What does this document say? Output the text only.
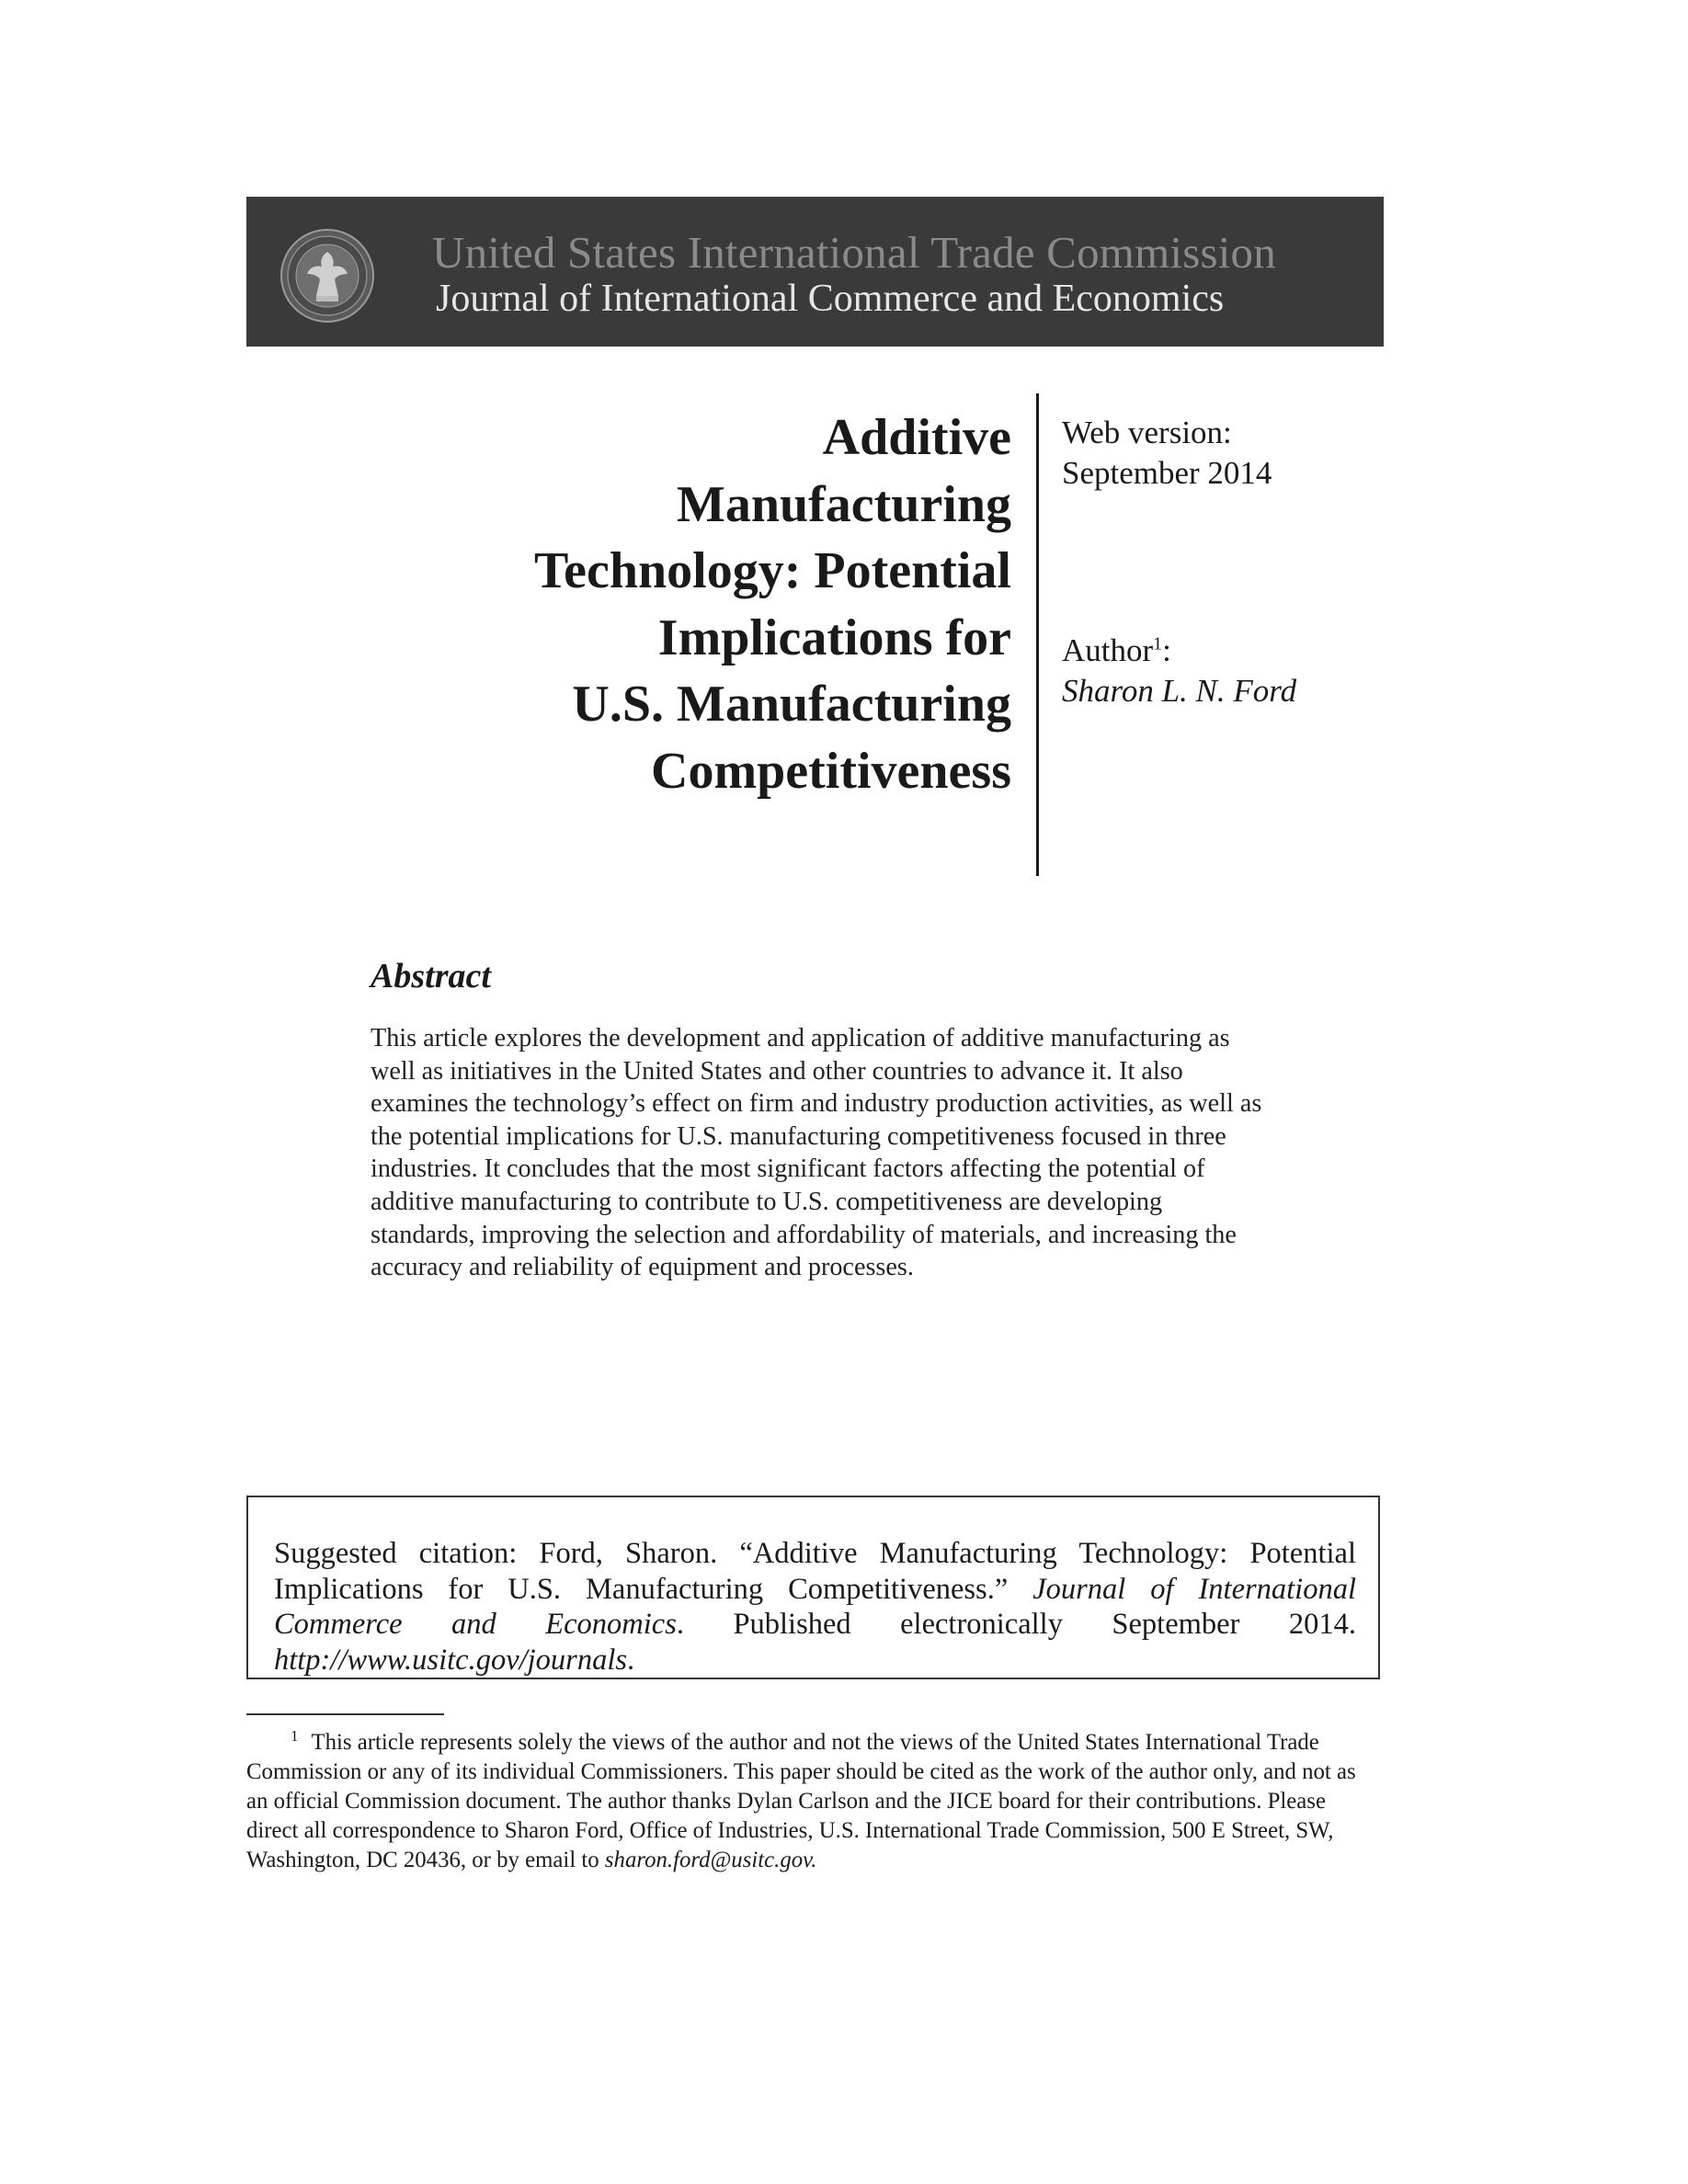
United States International Trade Commission
Journal of International Commerce and Economics
Additive
Manufacturing
Technology: Potential
Implications for
U.S. Manufacturing
Competitiveness
Web version:
September 2014
Author$^1$:
Sharon L. N. Ford
Abstract
This article explores the development and application of additive manufacturing as well as initiatives in the United States and other countries to advance it. It also examines the technology’s effect on firm and industry production activities, as well as the potential implications for U.S. manufacturing competitiveness focused in three industries. It concludes that the most significant factors affecting the potential of additive manufacturing to contribute to U.S. competitiveness are developing standards, improving the selection and affordability of materials, and increasing the accuracy and reliability of equipment and processes.
Suggested citation: Ford, Sharon. “Additive Manufacturing Technology: Potential Implications for U.S. Manufacturing Competitiveness.” Journal of International Commerce and Economics. Published electronically September 2014. http://www.usitc.gov/journals.
$^1$ This article represents solely the views of the author and not the views of the United States International Trade Commission or any of its individual Commissioners. This paper should be cited as the work of the author only, and not as an official Commission document. The author thanks Dylan Carlson and the JICE board for their contributions. Please direct all correspondence to Sharon Ford, Office of Industries, U.S. International Trade Commission, 500 E Street, SW, Washington, DC 20436, or by email to sharon.ford@usitc.gov.
